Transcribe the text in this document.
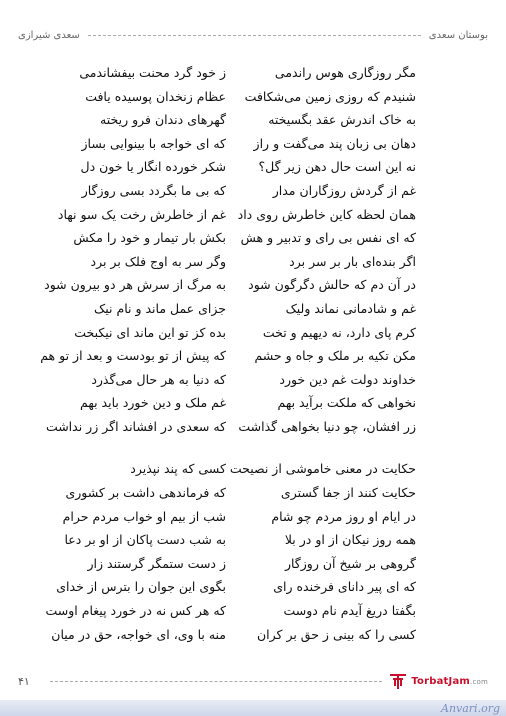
بوستان سعدی
سعدی شیرازی
مگر روزگاری هوس راندمی
ز خود گرد محنت بیفشاندمی
شنیدم که روزی زمین می‌شکافت
عظام زنخدان پوسیده یافت
به خاک اندرش عقد بگسیخته
گهرهای دندان فرو ریخته
دهان بی زبان پند می‌گفت و راز
که ای خواجه با بینوایی بساز
نه این است حال دهن زیر گل؟
شکر خورده انگار یا خون دل
غم از گردش روزگاران مدار
که بی ما بگردد بسی روزگار
همان لحظه کاین خاطرش روی داد
غم از خاطرش رخت یک سو نهاد
که ای نفس بی رای و تدبیر و هش
بکش بار تیمار و خود را مکش
اگر بنده‌ای بار بر سر برد
وگر سر به اوج فلک بر برد
در آن دم که حالش دگرگون شود
به مرگ از سرش هر دو بیرون شود
غم و شادمانی نماند ولیک
جزای عمل ماند و نام نیک
کرم پای دارد، نه دیهیم و تخت
بده کز تو این ماند ای نیکبخت
مکن تکیه بر ملک و جاه و حشم
که پیش از تو بودست و بعد از تو هم
خداوند دولت غم دین خورد
که دنیا به هر حال می‌گذرد
نخواهی که ملکت برآید بهم
غم ملک و دین خورد باید بهم
زر افشان، چو دنیا بخواهی گذاشت
که سعدی در افشاند اگر زر نداشت
حکایت در معنی خاموشی از نصیحت کسی که پند نپذیرد
حکایت کنند از جفا گستری
که فرماندهی داشت بر کشوری
در ایام او روز مردم چو شام
شب از بیم او خواب مردم حرام
همه روز نیکان از او در بلا
به شب دست پاکان از او بر دعا
گروهی بر شیخ آن روزگار
ز دست ستمگر گرستند زار
که ای پیر دانای فرخنده رای
بگوی این جوان را بترس از خدای
بگفتا دریغ آیدم نام دوست
که هر کس نه در خورد پیغام اوست
کسی را که بینی ز حق بر کران
منه با وی، ای خواجه، حق در میان
۴۱	TorbatJam.com
Anvari.org
